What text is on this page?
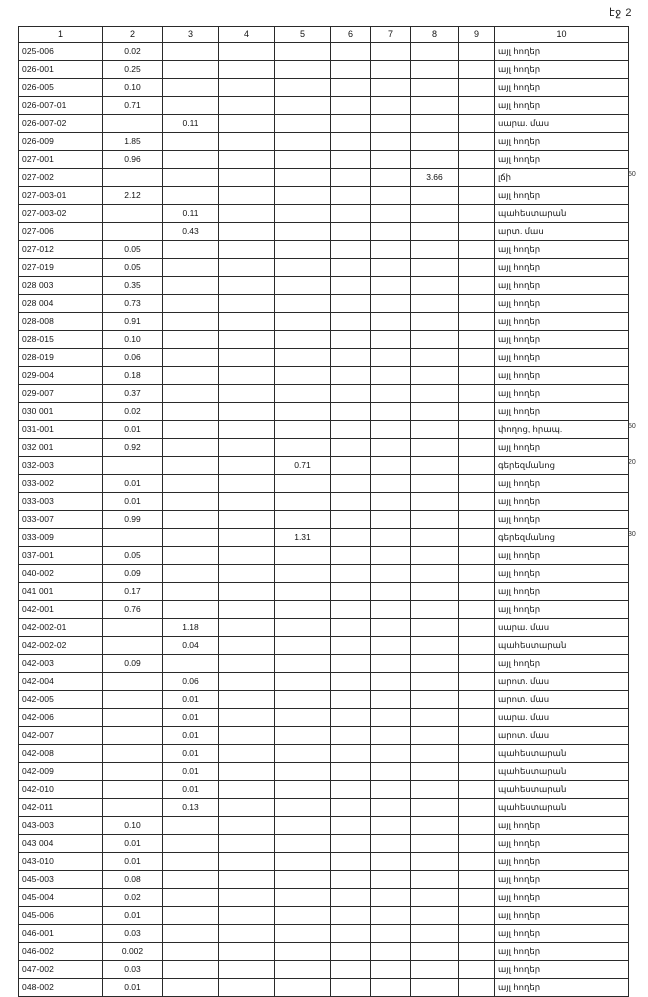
էջ 2
1	2	3	4	5	6	7	8	9	10
025-006	0.02								այլ հողեր
026-001	0.25								այլ հողեր
026-005	0.10								այլ հողեր
026-007-01	0.71								այլ հողեր
026-007-02		0.11							սարա. մաս
026-009	1.85								այլ հողեր
027-001	0.96								այլ հողեր
027-002							3.66		լճի
027-003-01	2.12								այլ հողեր
027-003-02		0.11							պահեստարան
027-006		0.43							արտ. մաս
027-012	0.05								այլ հողեր
027-019	0.05								այլ հողեր
028 003	0.35								այլ հողեր
028 004	0.73								այլ հողեր
028-008	0.91								այլ հողեր
028-015	0.10								այլ հողեր
028-019	0.06								այլ հողեր
029-004	0.18								այլ հողեր
029-007	0.37								այլ հողեր
030 001	0.02								այլ հողեր
031-001	0.01								փողոց, հրապ.
032 001	0.92								այլ հողեր
032-003				0.71					գերեզմանոց
033-002	0.01								այլ հողեր
033-003	0.01								այլ հողեր
033-007	0.99								այլ հողեր
033-009				1.31					գերեզմանոց
037-001	0.05								այլ հողեր
040-002	0.09								այլ հողեր
041 001	0.17								այլ հողեր
042-001	0.76								այլ հողեր
042-002-01		1.18							սարա. մաս
042-002-02		0.04							պահեստարան
042-003	0.09								այլ հողեր
042-004		0.06							արոտ. մաս
042-005		0.01							արոտ. մաս
042-006		0.01							սարա. մաս
042-007		0.01							արոտ. մաս
042-008		0.01							պահեստարան
042-009		0.01							պահեստարան
042-010		0.01							պահեստարան
042-011		0.13							պահեստարան
043-003	0.10								այլ հողեր
043 004	0.01								այլ հողեր
043-010	0.01								այլ հողեր
045-003	0.08								այլ հողեր
045-004	0.02								այլ հողեր
045-006	0.01								այլ հողեր
046-001	0.03								այլ հողեր
046-002	0.002								այլ հողեր
047-002	0.03								այլ հողեր
048-002	0.01								այլ հողեր
50
50
20
30
